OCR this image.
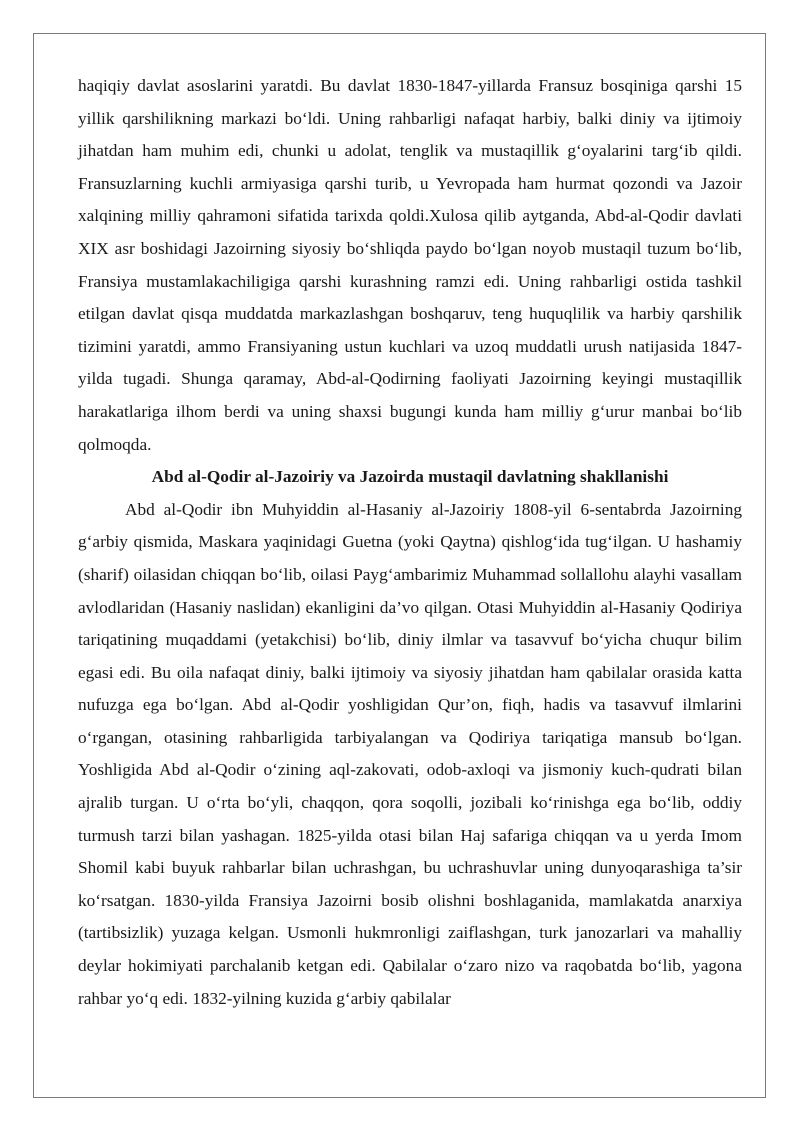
haqiqiy davlat asoslarini yaratdi. Bu davlat 1830-1847-yillarda Fransuz bosqiniga qarshi 15 yillik qarshilikning markazi bo‘ldi. Uning rahbarligi nafaqat harbiy, balki diniy va ijtimoiy jihatdan ham muhim edi, chunki u adolat, tenglik va mustaqillik g‘oyalarini targ‘ib qildi. Fransuzlarning kuchli armiyasiga qarshi turib, u Yevropada ham hurmat qozondi va Jazoir xalqining milliy qahramoni sifatida tarixda qoldi.Xulosa qilib aytganda, Abd-al-Qodir davlati XIX asr boshidagi Jazoirning siyosiy bo‘shliqda paydo bo‘lgan noyob mustaqil tuzum bo‘lib, Fransiya mustamlakachiligiga qarshi kurashning ramzi edi. Uning rahbarligi ostida tashkil etilgan davlat qisqa muddatda markazlashgan boshqaruv, teng huquqlilik va harbiy qarshilik tizimini yaratdi, ammo Fransiyaning ustun kuchlari va uzoq muddatli urush natijasida 1847-yilda tugadi. Shunga qaramay, Abd-al-Qodirning faoliyati Jazoirning keyingi mustaqillik harakatlariga ilhom berdi va uning shaxsi bugungi kunda ham milliy g‘urur manbai bo‘lib qolmoqda.

Abd al-Qodir al-Jazoiriy va Jazoirda mustaqil davlatning shakllanishi

Abd al-Qodir ibn Muhyiddin al-Hasaniy al-Jazoiriy 1808-yil 6-sentabrda Jazoirning g‘arbiy qismida, Maskara yaqinidagi Guetna (yoki Qaytna) qishlog‘ida tug‘ilgan. U hashamiy (sharif) oilasidan chiqqan bo‘lib, oilasi Payg‘ambarimiz Muhammad sollallohu alayhi vasallam avlodlaridan (Hasaniy naslidan) ekanligini da’vo qilgan. Otasi Muhyiddin al-Hasaniy Qodiriya tariqatining muqaddami (yetakchisi) bo‘lib, diniy ilmlar va tasavvuf bo‘yicha chuqur bilim egasi edi. Bu oila nafaqat diniy, balki ijtimoiy va siyosiy jihatdan ham qabilalar orasida katta nufuzga ega bo‘lgan. Abd al-Qodir yoshligidan Qur’on, fiqh, hadis va tasavvuf ilmlarini o‘rgangan, otasining rahbarligida tarbiyalangan va Qodiriya tariqatiga mansub bo‘lgan. Yoshligida Abd al-Qodir o‘zining aql-zakovati, odob-axloqi va jismoniy kuch-qudrati bilan ajralib turgan. U o‘rta bo‘yli, chaqqon, qora soqolli, jozibali ko‘rinishga ega bo‘lib, oddiy turmush tarzi bilan yashagan. 1825-yilda otasi bilan Haj safariga chiqqan va u yerda Imom Shomil kabi buyuk rahbarlar bilan uchrashgan, bu uchrashuvlar uning dunyoqarashiga ta’sir ko‘rsatgan. 1830-yilda Fransiya Jazoirni bosib olishni boshlaganida, mamlakatda anarxiya (tartibsizlik) yuzaga kelgan. Usmonli hukmronligi zaiflashgan, turk janozarlari va mahalliy deylar hokimiyati parchalanib ketgan edi. Qabilalar o‘zaro nizo va raqobatda bo‘lib, yagona rahbar yo‘q edi. 1832-yilning kuzida g‘arbiy qabilalar
